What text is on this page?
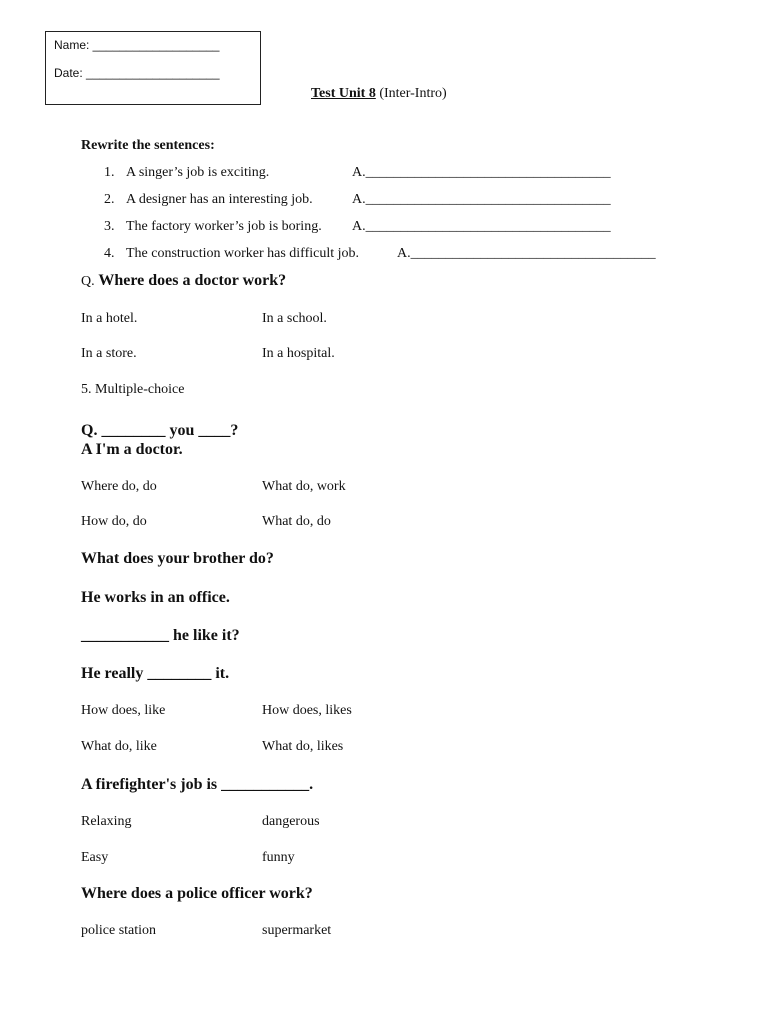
Name: ___________________
Date: ____________________
Test Unit 8 (Inter-Intro)
Rewrite the sentences:
1. A singer’s job is exciting.	A.___________________________________
2. A designer has an interesting job.	A.___________________________________
3. The factory worker’s job is boring. A.___________________________________
4. The construction worker has difficult job.	A.___________________________________
Q. Where does a doctor work?
In a hotel.	In a school.
In a store.	In a hospital.
5. Multiple-choice
Q. ________ you ____?
A I'm a doctor.
Where do, do	What do, work
How do, do	What do, do
What does your brother do?
He works in an office.
___________ he like it?
He really ________ it.
How does, like	How does, likes
What do, like	What do, likes
A firefighter's job is ___________.
Relaxing	dangerous
Easy	funny
Where does a police officer work?
police station	supermarket
